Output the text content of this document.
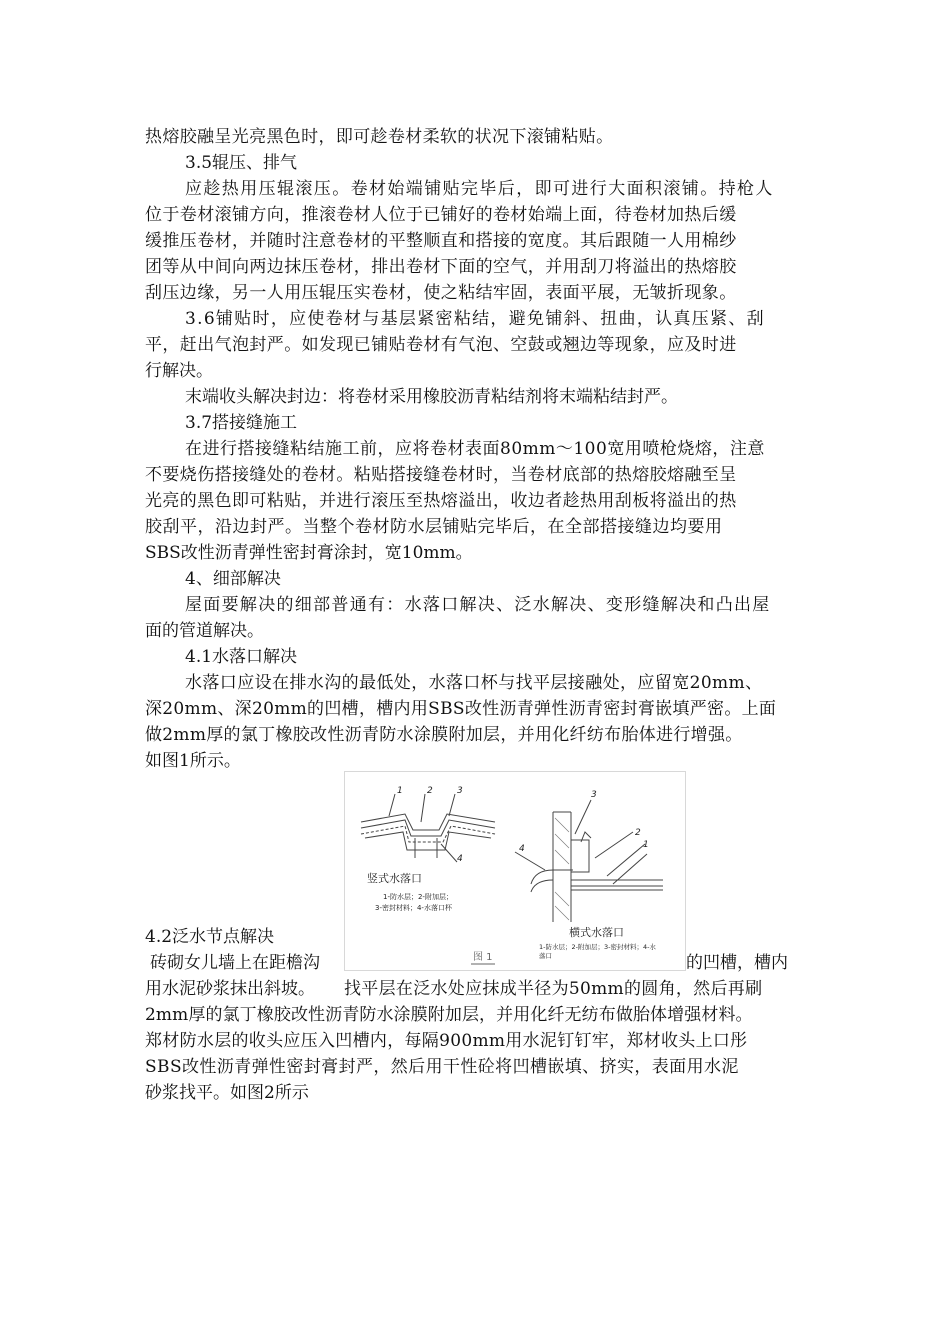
热熔胶融呈光亮黑色时，即可趁卷材柔软的状况下滚铺粘贴。
3.5辊压、排气
应趁热用压辊滚压。卷材始端铺贴完毕后，即可进行大面积滚铺。持枪人
位于卷材滚铺方向，推滚卷材人位于已铺好的卷材始端上面，待卷材加热后缓
缓推压卷材，并随时注意卷材的平整顺直和搭接的宽度。其后跟随一人用棉纱
团等从中间向两边抹压卷材，排出卷材下面的空气，并用刮刀将溢出的热熔胶
刮压边缘，另一人用压辊压实卷材，使之粘结牢固，表面平展，无皱折现象。
3.6铺贴时，应使卷材与基层紧密粘结，避免铺斜、扭曲，认真压紧、刮
平，赶出气泡封严。如发现已铺贴卷材有气泡、空鼓或翘边等现象，应及时进
行解决。
末端收头解决封边：将卷材采用橡胶沥青粘结剂将末端粘结封严。
3.7搭接缝施工
在进行搭接缝粘结施工前，应将卷材表面80mm～100宽用喷枪烧熔，注意
不要烧伤搭接缝处的卷材。粘贴搭接缝卷材时，当卷材底部的热熔胶熔融至呈
光亮的黑色即可粘贴，并进行滚压至热熔溢出，收边者趁热用刮板将溢出的热
胶刮平，沿边封严。当整个卷材防水层铺贴完毕后，在全部搭接缝边均要用
SBS改性沥青弹性密封膏涂封，宽10mm。
4、细部解决
屋面要解决的细部普通有：水落口解决、泛水解决、变形缝解决和凸出屋
面的管道解决。
4.1水落口解决
水落口应设在排水沟的最低处，水落口杯与找平层接融处，应留宽20mm、
深20mm、深20mm的凹槽，槽内用SBS改性沥青弹性沥青密封膏嵌填严密。上面
做2mm厚的氯丁橡胶改性沥青防水涂膜附加层，并用化纤纺布胎体进行增强。
如图1所示。
4.2泛水节点解决
砖砌女儿墙上在距檐沟	的凹槽，槽内
用水泥砂浆抹出斜坡。 找平层在泛水处应抹成半径为50mm的圆角，然后再刷
2mm厚的氯丁橡胶改性沥青防水涂膜附加层，并用化纤无纺布做胎体增强材料。
郑材防水层的收头应压入凹槽内，每隔900mm用水泥钉钉牢，郑材收头上口彤
SBS改性沥青弹性密封膏封严，然后用干性砼将凹槽嵌填、挤实，表面用水泥
砂浆找平。如图2所示
1	2	3
4
2
1
3
4
竖式水落口
1-防水层；2-附加层；
3-密封材料；4-水落口杯
横式水落口
1-防水层；2-附加层；3-密封材料；4-水
落口
图 1
